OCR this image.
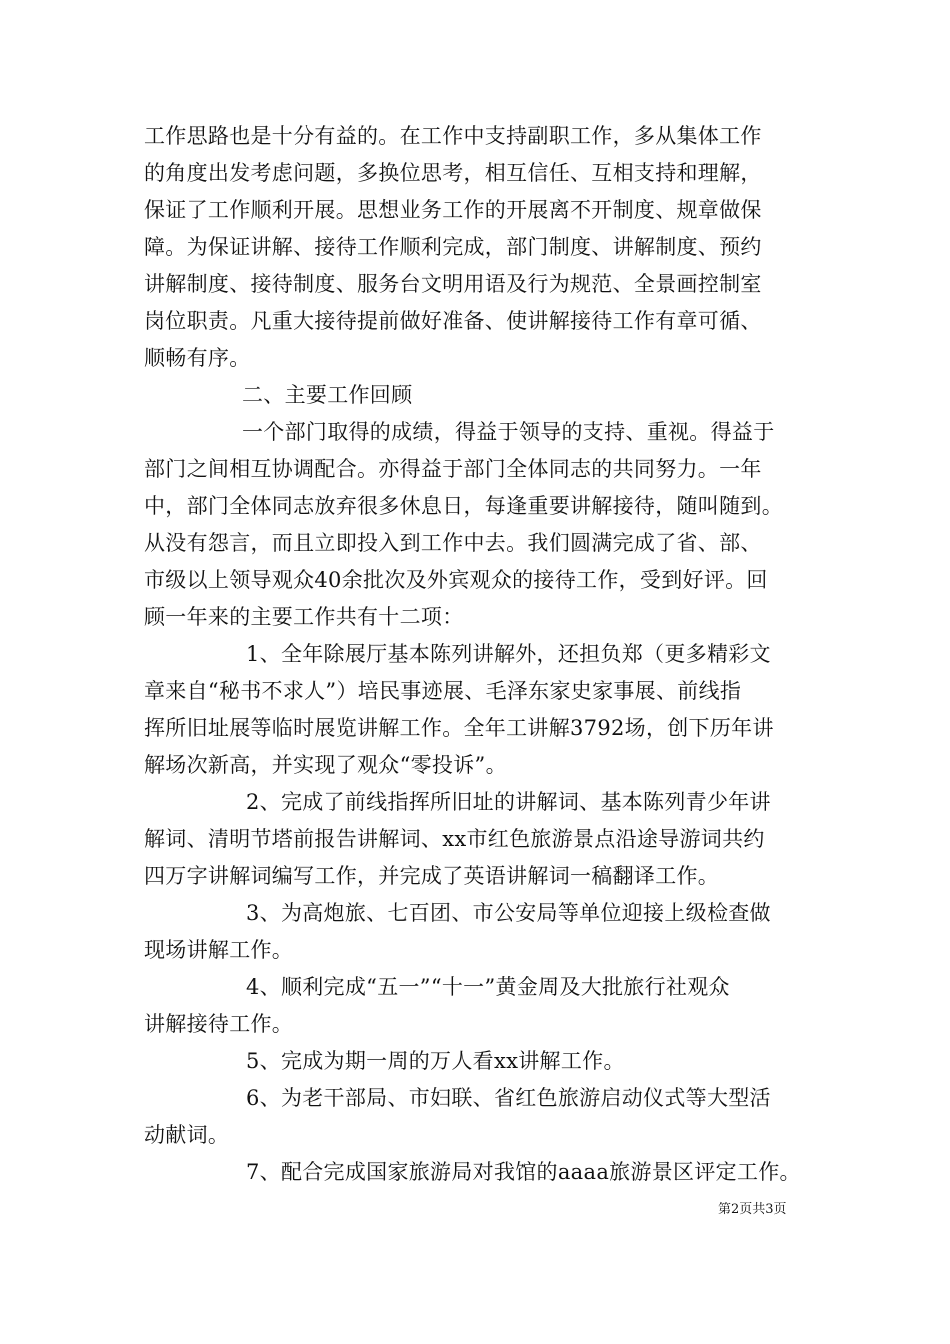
工作思路也是十分有益的。在工作中支持副职工作，多从集体工作
的角度出发考虑问题，多换位思考，相互信任、互相支持和理解，
保证了工作顺利开展。思想业务工作的开展离不开制度、规章做保
障。为保证讲解、接待工作顺利完成，部门制度、讲解制度、预约
讲解制度、接待制度、服务台文明用语及行为规范、全景画控制室
岗位职责。凡重大接待提前做好准备、使讲解接待工作有章可循、
顺畅有序。
二、主要工作回顾
一个部门取得的成绩，得益于领导的支持、重视。得益于
部门之间相互协调配合。亦得益于部门全体同志的共同努力。一年
中，部门全体同志放弃很多休息日，每逢重要讲解接待，随叫随到。
从没有怨言，而且立即投入到工作中去。我们圆满完成了省、部、
市级以上领导观众40余批次及外宾观众的接待工作，受到好评。回
顾一年来的主要工作共有十二项：
1、全年除展厅基本陈列讲解外，还担负郑（更多精彩文
章来自“秘书不求人”）培民事迹展、毛泽东家史家事展、前线指
挥所旧址展等临时展览讲解工作。全年工讲解3792场，创下历年讲
解场次新高，并实现了观众“零投诉”。
2、完成了前线指挥所旧址的讲解词、基本陈列青少年讲
解词、清明节塔前报告讲解词、xx市红色旅游景点沿途导游词共约
四万字讲解词编写工作，并完成了英语讲解词一稿翻译工作。
3、为高炮旅、七百团、市公安局等单位迎接上级检查做
现场讲解工作。
4、顺利完成“五一”“十一”黄金周及大批旅行社观众
讲解接待工作。
5、完成为期一周的万人看xx讲解工作。
6、为老干部局、市妇联、省红色旅游启动仪式等大型活
动献词。
7、配合完成国家旅游局对我馆的aaaa旅游景区评定工作。
第2页共3页
